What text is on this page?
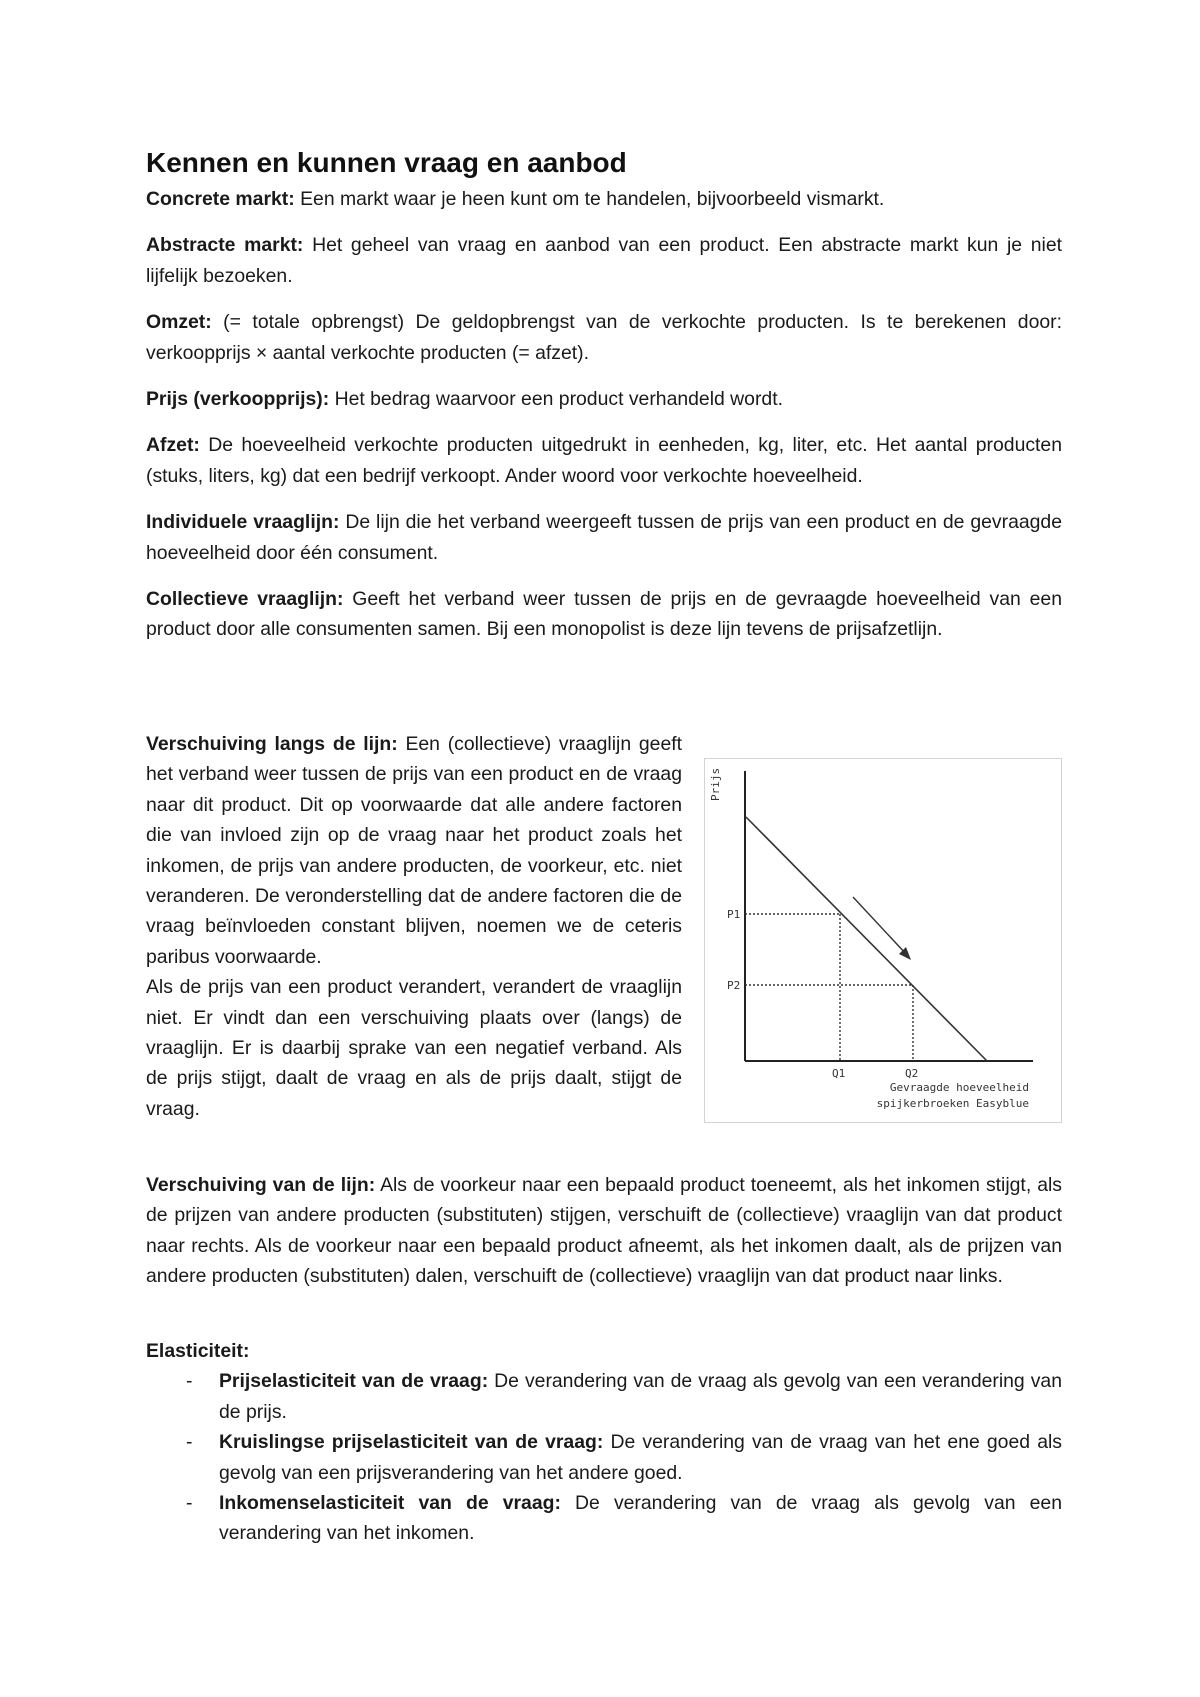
Kennen en kunnen vraag en aanbod

Concrete markt: Een markt waar je heen kunt om te handelen, bijvoorbeeld vismarkt.

Abstracte markt: Het geheel van vraag en aanbod van een product. Een abstracte markt kun je niet lijfelijk bezoeken.

Omzet: (= totale opbrengst) De geldopbrengst van de verkochte producten. Is te berekenen door: verkoopprijs × aantal verkochte producten (= afzet).

Prijs (verkoopprijs): Het bedrag waarvoor een product verhandeld wordt.

Afzet: De hoeveelheid verkochte producten uitgedrukt in eenheden, kg, liter, etc. Het aantal producten (stuks, liters, kg) dat een bedrijf verkoopt. Ander woord voor verkochte hoeveelheid.

Individuele vraaglijn: De lijn die het verband weergeeft tussen de prijs van een product en de gevraagde hoeveelheid door één consument.

Collectieve vraaglijn: Geeft het verband weer tussen de prijs en de gevraagde hoeveelheid van een product door alle consumenten samen. Bij een monopolist is deze lijn tevens de prijsafzetlijn.

Verschuiving langs de lijn: Een (collectieve) vraaglijn geeft het verband weer tussen de prijs van een product en de vraag naar dit product. Dit op voorwaarde dat alle andere factoren die van invloed zijn op de vraag naar het product zoals het inkomen, de prijs van andere producten, de voorkeur, etc. niet veranderen. De veronderstelling dat de andere factoren die de vraag beïnvloeden constant blijven, noemen we de ceteris paribus voorwaarde.

Als de prijs van een product verandert, verandert de vraaglijn niet. Er vindt dan een verschuiving plaats over (langs) de vraaglijn. Er is daarbij sprake van een negatief verband. Als de prijs stijgt, daalt de vraag en als de prijs daalt, stijgt de vraag.

P1
P2
Q1	Q2
Prijs
Gevraagde hoeveelheid
spijkerbroeken Easyblue

Verschuiving van de lijn: Als de voorkeur naar een bepaald product toeneemt, als het inkomen stijgt, als de prijzen van andere producten (substituten) stijgen, verschuift de (collectieve) vraaglijn van dat product naar rechts. Als de voorkeur naar een bepaald product afneemt, als het inkomen daalt, als de prijzen van andere producten (substituten) dalen, verschuift de (collectieve) vraaglijn van dat product naar links.

Elasticiteit:

- Prijselasticiteit van de vraag: De verandering van de vraag als gevolg van een verandering van de prijs.
- Kruislingse prijselasticiteit van de vraag: De verandering van de vraag van het ene goed als gevolg van een prijsverandering van het andere goed.
- Inkomenselasticiteit van de vraag: De verandering van de vraag als gevolg van een verandering van het inkomen.
